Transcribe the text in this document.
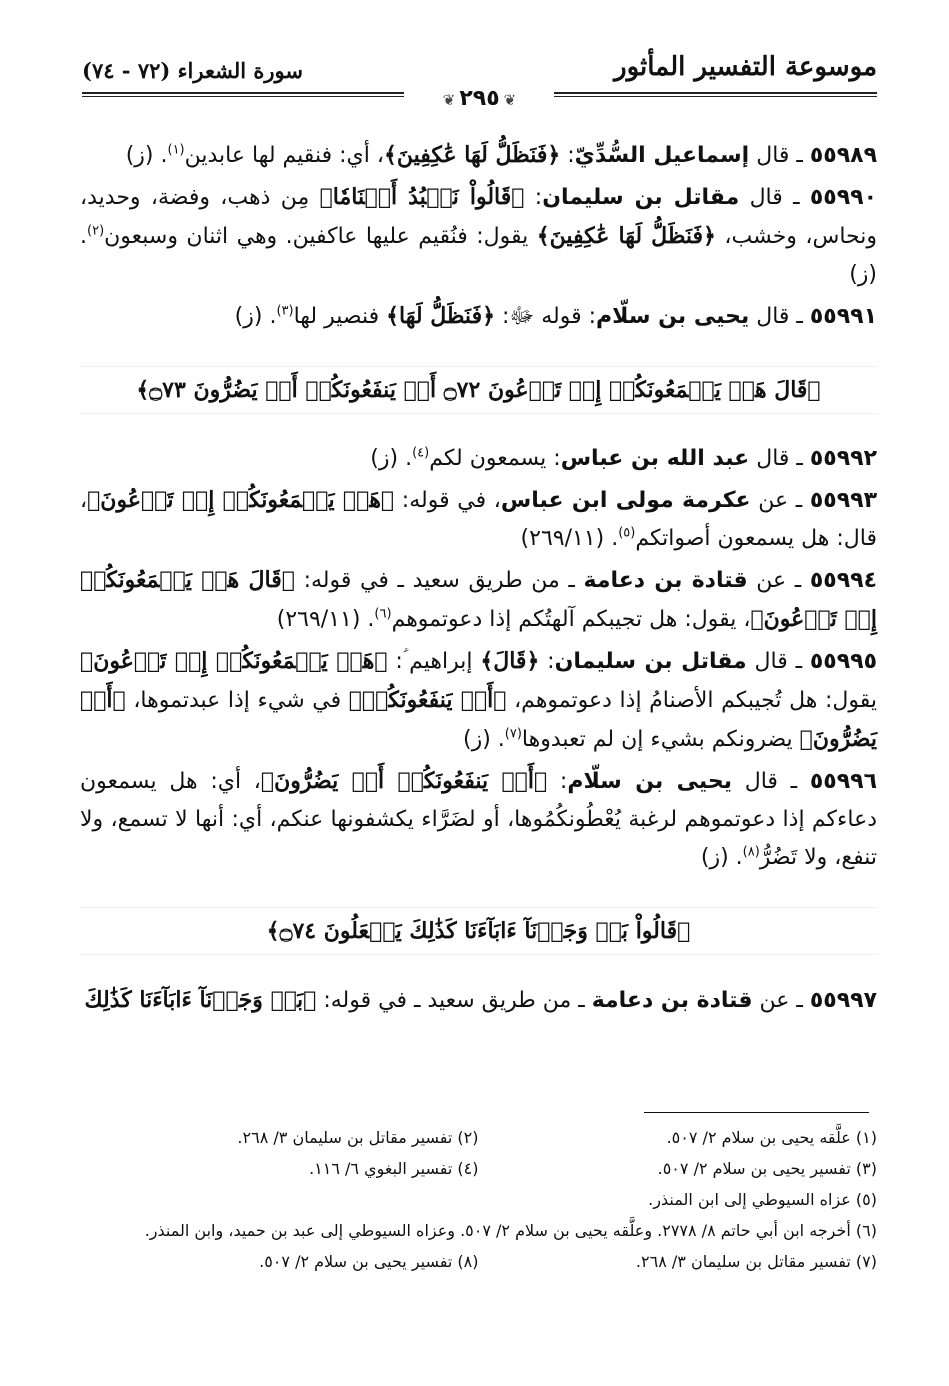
موسوعة التفسير المأثور
سورة الشعراء (٧٢ - ٧٤)
❦٢٩٥❦

٥٥٩٨٩ ـ قال إسماعيل السُّدِّيّ: ﴿فَنَظَلُّ لَهَا عَٰكِفِينَ﴾، أي: فنقيم لها عابدين$^{(١)}$. (ز)

٥٥٩٩٠ ـ قال مقاتل بن سليمان: ﴿قَالُواْ نَعۡبُدُ أَصۡنَامٗا﴾ مِن ذهب، وفضة، وحديد، ونحاس، وخشب، ﴿فَنَظَلُّ لَهَا عَٰكِفِينَ﴾ يقول: فنُقيم عليها عاكفين. وهي اثنان وسبعون$^{(٢)}$. (ز)

٥٥٩٩١ ـ قال يحيى بن سلّام: قوله ﷻ: ﴿فَنَظَلُّ لَهَا﴾ فنصير لها$^{(٣)}$. (ز)

﴿قَالَ هَلۡ يَسۡمَعُونَكُمۡ إِذۡ تَدۡعُونَ ۝٧٢ أَوۡ يَنفَعُونَكُمۡ أَوۡ يَضُرُّونَ ۝٧٣﴾

٥٥٩٩٢ ـ قال عبد الله بن عباس: يسمعون لكم$^{(٤)}$. (ز)

٥٥٩٩٣ ـ عن عكرمة مولى ابن عباس، في قوله: ﴿هَلۡ يَسۡمَعُونَكُمۡ إِذۡ تَدۡعُونَ﴾، قال: هل يسمعون أصواتكم$^{(٥)}$. (٢٦٩/١١)

٥٥٩٩٤ ـ عن قتادة بن دعامة ـ من طريق سعيد ـ في قوله: ﴿قَالَ هَلۡ يَسۡمَعُونَكُمۡ إِذۡ تَدۡعُونَ﴾، يقول: هل تجيبكم آلهتُكم إذا دعوتموهم$^{(٦)}$. (٢٦٩/١١)

٥٥٩٩٥ ـ قال مقاتل بن سليمان: ﴿قَالَ﴾ إبراهيم ؑ: ﴿هَلۡ يَسۡمَعُونَكُمۡ إِذۡ تَدۡعُونَ﴾ يقول: هل تُجيبكم الأصنامُ إذا دعوتموهم، ﴿أَوۡ يَنفَعُونَكُمۡ﴾ في شيء إذا عبدتموها، ﴿أَوۡ يَضُرُّونَ﴾ يضرونكم بشيء إن لم تعبدوها$^{(٧)}$. (ز)

٥٥٩٩٦ ـ قال يحيى بن سلّام: ﴿أَوۡ يَنفَعُونَكُمۡ أَوۡ يَضُرُّونَ﴾، أي: هل يسمعون دعاءكم إذا دعوتموهم لرغبة يُعْطُونكُمُوها، أو لضَرَّاء يكشفونها عنكم، أي: أنها لا تسمع، ولا تنفع، ولا تَضُرُّ$^{(٨)}$. (ز)

﴿قَالُواْ بَلۡ وَجَدۡنَآ ءَابَآءَنَا كَذَٰلِكَ يَفۡعَلُونَ ۝٧٤﴾

٥٥٩٩٧ ـ عن قتادة بن دعامة ـ من طريق سعيد ـ في قوله: ﴿بَلۡ وَجَدۡنَآ ءَابَآءَنَا كَذَٰلِكَ

(١) علَّقه يحيى بن سلام ٢/ ٥٠٧.
(٢) تفسير مقاتل بن سليمان ٣/ ٢٦٨.
(٣) تفسير يحيى بن سلام ٢/ ٥٠٧.
(٤) تفسير البغوي ٦/ ١١٦.
(٥) عزاه السيوطي إلى ابن المنذر.
(٦) أخرجه ابن أبي حاتم ٨/ ٢٧٧٨. وعلَّقه يحيى بن سلام ٢/ ٥٠٧. وعزاه السيوطي إلى عبد بن حميد، وابن المنذر.
(٧) تفسير مقاتل بن سليمان ٣/ ٢٦٨.
(٨) تفسير يحيى بن سلام ٢/ ٥٠٧.
